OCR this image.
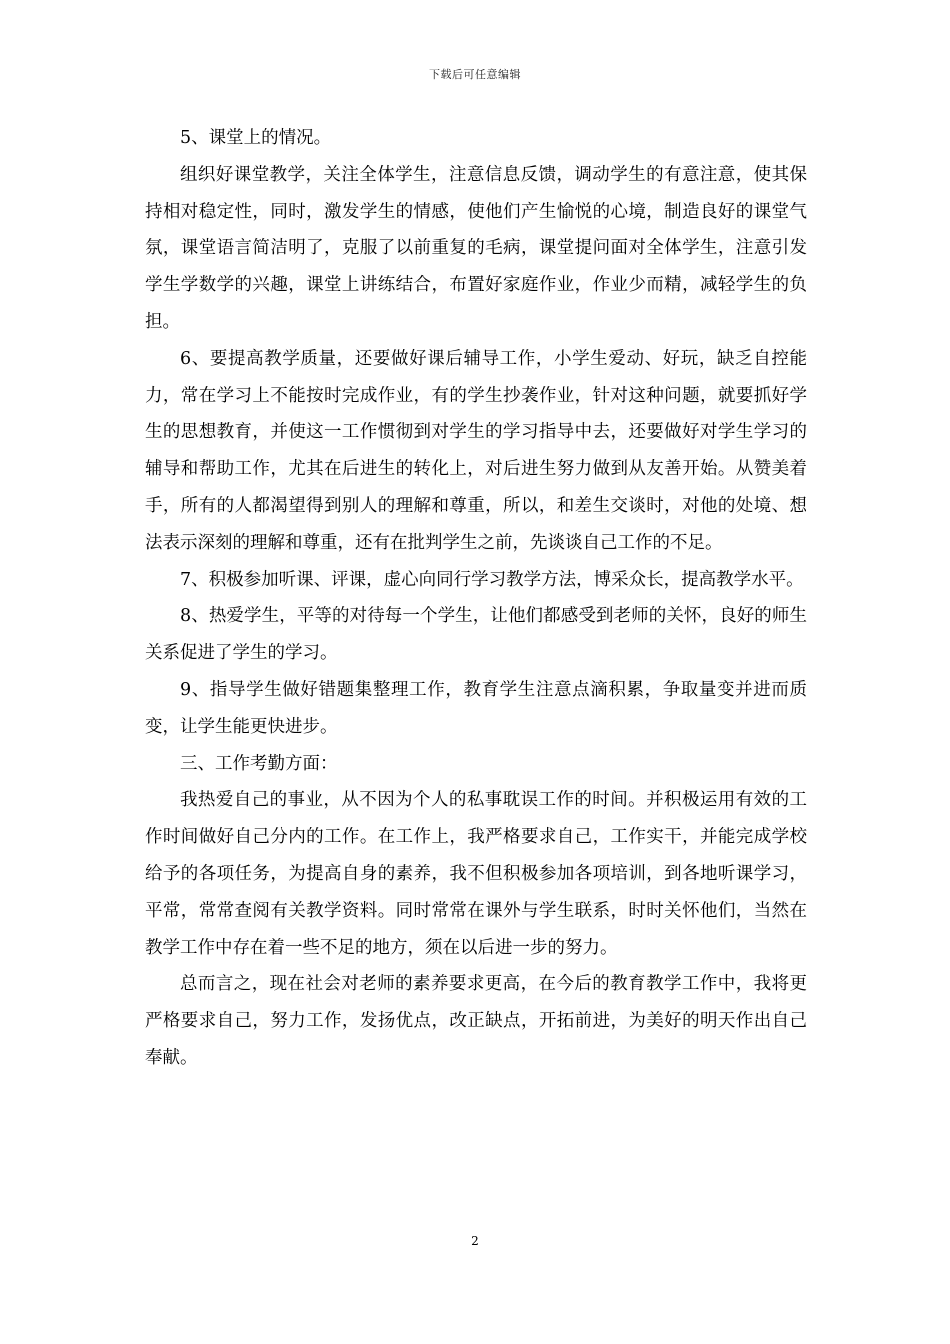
下载后可任意编辑

5、课堂上的情况。

组织好课堂教学，关注全体学生，注意信息反馈，调动学生的有意注意，使其保持相对稳定性，同时，激发学生的情感，使他们产生愉悦的心境，制造良好的课堂气氛，课堂语言简洁明了，克服了以前重复的毛病，课堂提问面对全体学生，注意引发学生学数学的兴趣，课堂上讲练结合，布置好家庭作业，作业少而精，减轻学生的负担。

6、要提高教学质量，还要做好课后辅导工作，小学生爱动、好玩，缺乏自控能力，常在学习上不能按时完成作业，有的学生抄袭作业，针对这种问题，就要抓好学生的思想教育，并使这一工作惯彻到对学生的学习指导中去，还要做好对学生学习的辅导和帮助工作，尤其在后进生的转化上，对后进生努力做到从友善开始。从赞美着手，所有的人都渴望得到别人的理解和尊重，所以，和差生交谈时，对他的处境、想法表示深刻的理解和尊重，还有在批判学生之前，先谈谈自己工作的不足。

7、积极参加听课、评课，虚心向同行学习教学方法，博采众长，提高教学水平。

8、热爱学生，平等的对待每一个学生，让他们都感受到老师的关怀，良好的师生关系促进了学生的学习。

9、指导学生做好错题集整理工作，教育学生注意点滴积累，争取量变并进而质变，让学生能更快进步。

三、工作考勤方面：

我热爱自己的事业，从不因为个人的私事耽误工作的时间。并积极运用有效的工作时间做好自己分内的工作。在工作上，我严格要求自己，工作实干，并能完成学校给予的各项任务，为提高自身的素养，我不但积极参加各项培训，到各地听课学习，平常，常常查阅有关教学资料。同时常常在课外与学生联系，时时关怀他们，当然在教学工作中存在着一些不足的地方，须在以后进一步的努力。

总而言之，现在社会对老师的素养要求更高，在今后的教育教学工作中，我将更严格要求自己，努力工作，发扬优点，改正缺点，开拓前进，为美好的明天作出自己奉献。

2
